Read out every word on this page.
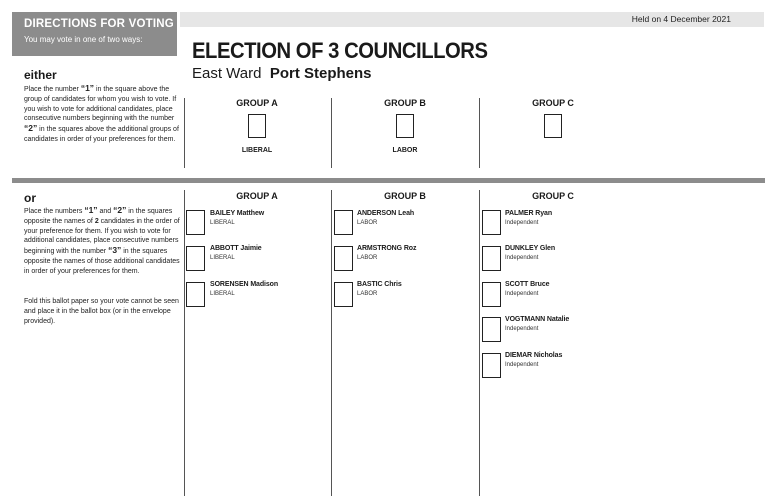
DIRECTIONS FOR VOTING
You may vote in one of two ways:
Held on 4 December 2021
ELECTION OF 3 COUNCILLORS
East Ward Port Stephens
either
Place the number “1” in the square above the group of candidates for whom you wish to vote. If you wish to vote for additional candidates, place consecutive numbers beginning with the number “2” in the squares above the additional groups of candidates in order of your preferences for them.
GROUP A
LIBERAL
GROUP B
LABOR
GROUP C
or
Place the numbers “1” and “2” in the squares opposite the names of 2 candidates in the order of your preference for them. If you wish to vote for additional candidates, place consecutive numbers beginning with the number “3” in the squares opposite the names of those additional candidates in order of your preferences for them.
Fold this ballot paper so your vote cannot be seen and place it in the ballot box (or in the envelope provided).
GROUP A	GROUP B	GROUP C
BAILEY Matthew
LIBERAL
ABBOTT Jaimie
LIBERAL
SORENSEN Madison
LIBERAL
ANDERSON Leah
LABOR
ARMSTRONG Roz
LABOR
BASTIC Chris
LABOR
PALMER Ryan
Independent
DUNKLEY Glen
Independent
SCOTT Bruce
Independent
VOGTMANN Natalie
Independent
DIEMAR Nicholas
Independent
